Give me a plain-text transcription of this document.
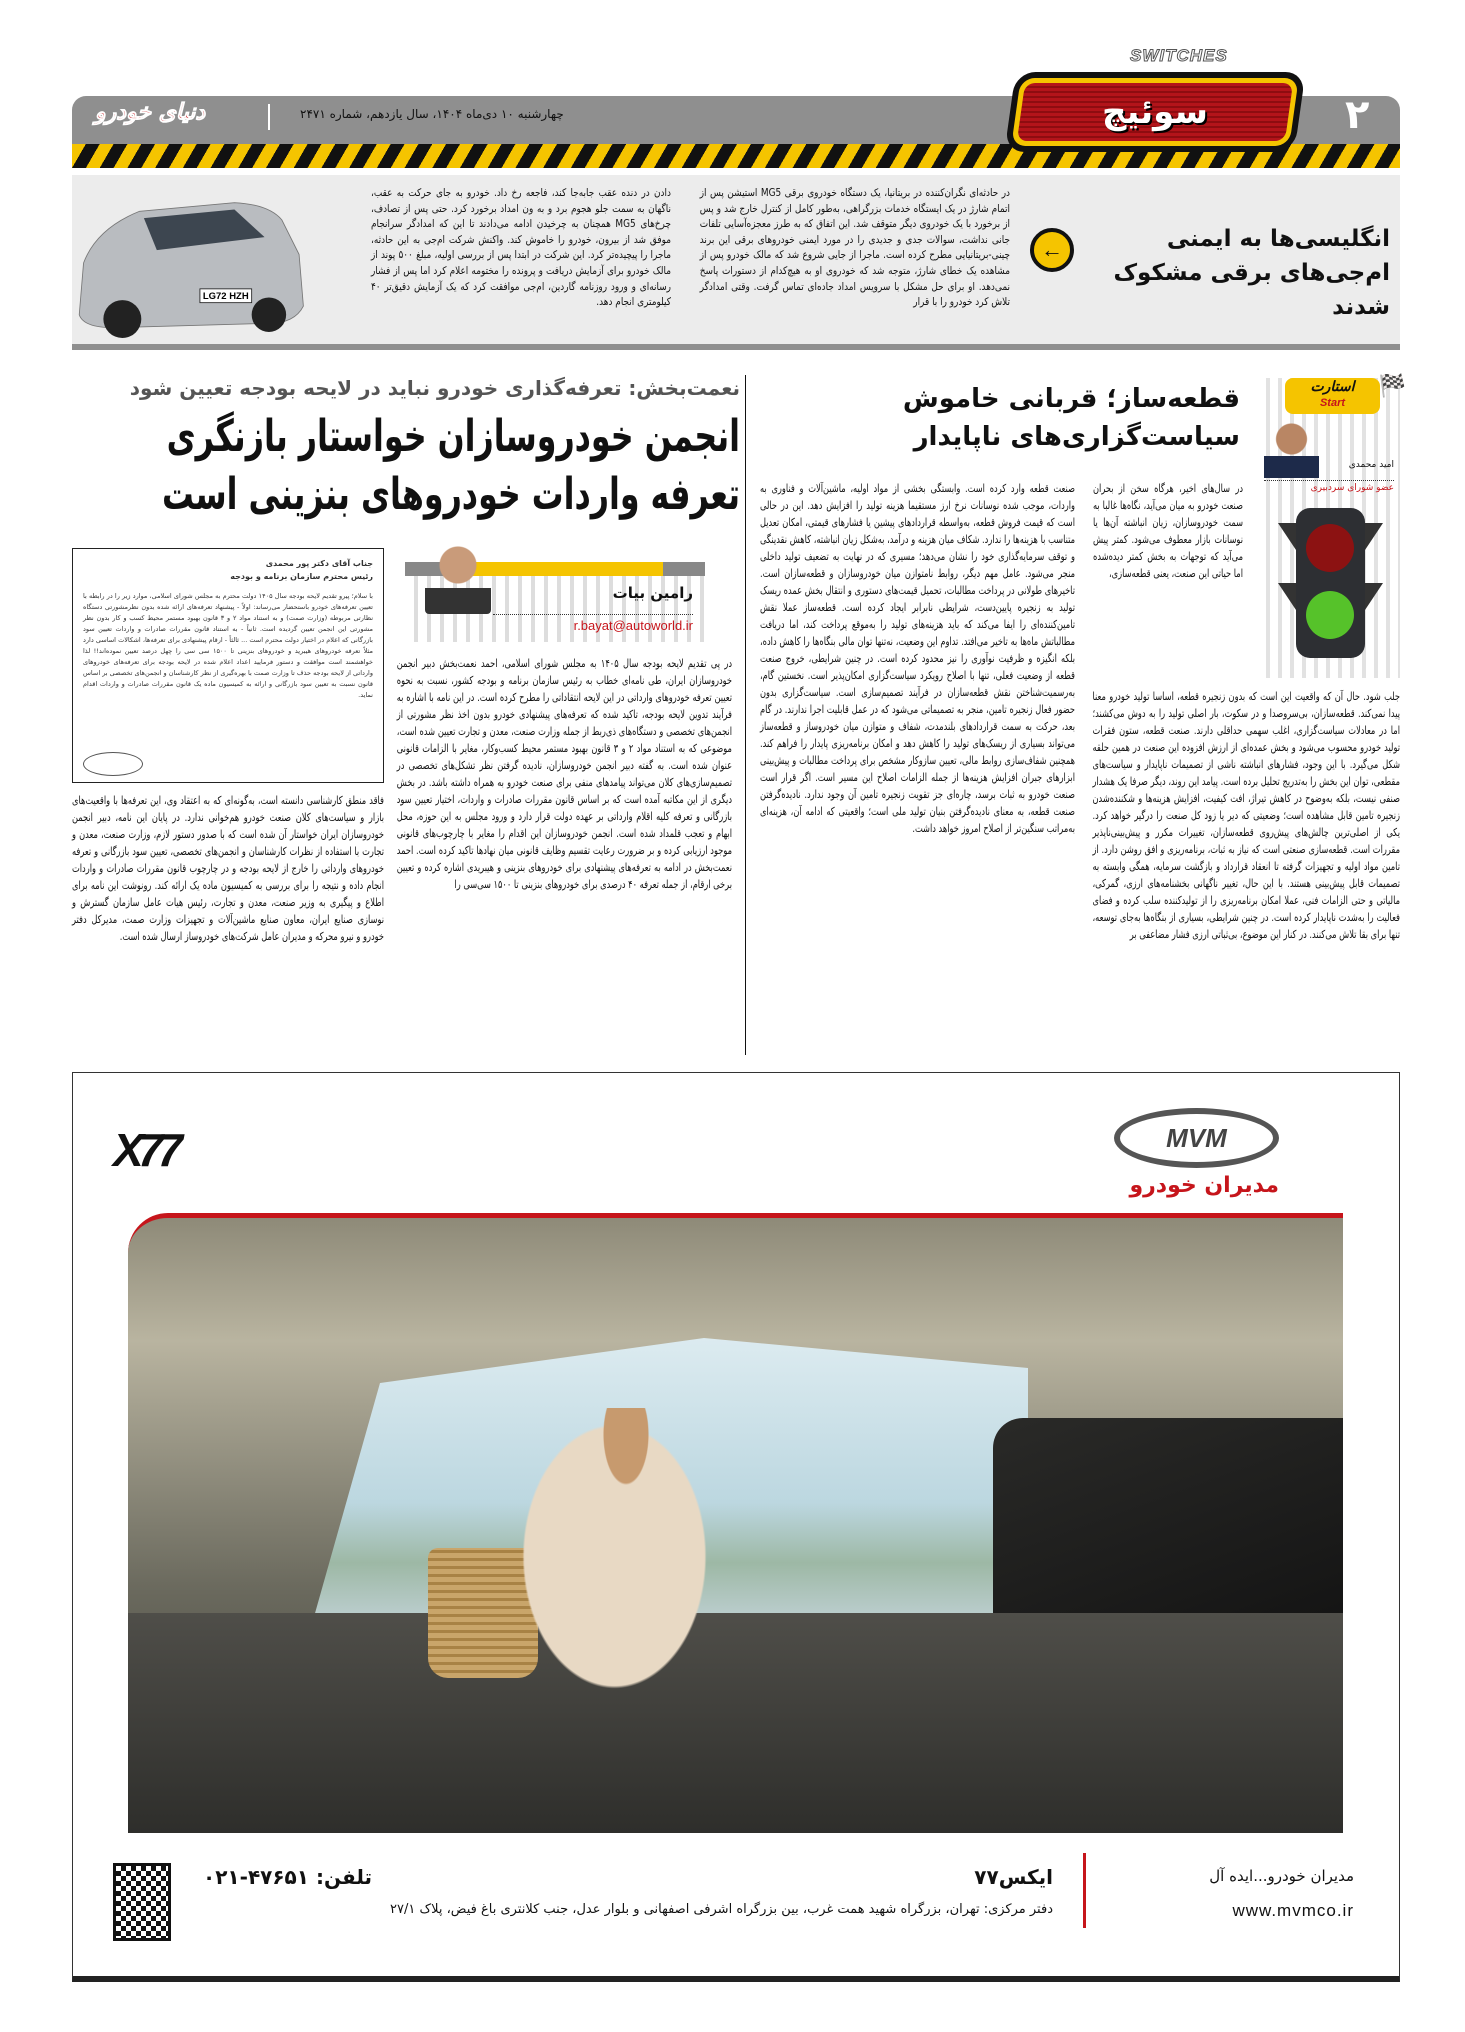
SWITCHES
دنیای خودرو	چهارشنبه ۱۰ دی‌ماه ۱۴۰۴، سال یازدهم، شماره ۲۴۷۱	سوئیچ	۲
LG72 HZH
انگلیسی‌ها به ایمنی ام‌جی‌های برقی مشکوک شدند
←
در حادثه‌ای نگران‌کننده در بریتانیا، یک دستگاه خودروی برقی MG5 استیشن پس از اتمام شارژ در یک ایستگاه خدمات بزرگراهی، به‌طور کامل از کنترل خارج شد و پس از برخورد با یک خودروی دیگر متوقف شد. این اتفاق که به طرز معجزه‌آسایی تلفات جانی نداشت، سوالات جدی و جدیدی را در مورد ایمنی خودروهای برقی این برند چینی-بریتانیایی مطرح کرده است. ماجرا از جایی شروع شد که مالک خودرو پس از مشاهده یک خطای شارژ، متوجه شد که خودروی او به هیچ‌کدام از دستورات پاسخ نمی‌دهد. او برای حل مشکل با سرویس امداد جاده‌ای تماس گرفت. وقتی امدادگر تلاش کرد خودرو را با قرار
دادن در دنده عقب جابه‌جا کند، فاجعه رخ داد. خودرو به جای حرکت به عقب، ناگهان به سمت جلو هجوم برد و به ون امداد برخورد کرد. حتی پس از تصادف، چرخ‌های MG5 همچنان به چرخیدن ادامه می‌دادند تا این که امدادگر سرانجام موفق شد از بیرون، خودرو را خاموش کند. واکنش شرکت ام‌جی به این حادثه، ماجرا را پیچیده‌تر کرد. این شرکت در ابتدا پس از بررسی اولیه، مبلغ ۵۰۰ پوند از مالک خودرو برای آزمایش دریافت و پرونده را مختومه اعلام کرد اما پس از فشار رسانه‌ای و ورود روزنامه گاردین، ام‌جی موافقت کرد که یک آزمایش دقیق‌تر ۴۰ کیلومتری انجام دهد.
نعمت‌بخش: تعرفه‌گذاری خودرو نباید در لایحه بودجه تعیین شود
انجمن خودروسازان خواستار بازنگری تعرفه واردات خودروهای بنزینی است
جناب آقای دکتر پور محمدی
رئیس محترم سازمان برنامه و بودجه
با سلام؛ پیرو تقدیم لایحه بودجه سال ۱۴۰۵ دولت محترم به مجلس شورای اسلامی، موارد زیر را در رابطه با تعیین تعرفه‌های خودرو باستحضار می‌رساند: اولاً - پیشنهاد تعرفه‌های ارائه شده بدون نظرمشورتی دستگاه نظارتی مربوطه (وزارت صمت) و به استناد مواد ۲ و ۳ قانون بهبود مستمر محیط کسب و کار بدون نظر مشورتی این انجمن تعیین گردیده است. ثانیاً - به استناد قانون مقررات صادرات و واردات تعیین سود بازرگانی که اعلام در اختیار دولت محترم است ... ثالثاً - ارقام پیشنهادی برای تعرفه‌ها، اشکالات اساسی دارد مثلاً تعرفه خودروهای هیبرید و خودروهای بنزینی تا ۱۵۰۰ سی سی را چهل درصد تعیین نموده‌اند!! لذا خواهشمند است موافقت و دستور فرمایید اعداد اعلام شده در لایحه بودجه برای تعرفه‌های خودروهای وارداتی از لایحه بودجه حذف تا وزارت صمت با بهره‌گیری از نظر کارشناسان و انجمن‌های تخصصی بر اساس قانون نسبت به تعیین سود بازرگانی و ارائه به کمیسیون ماده یک قانون مقررات صادرات و واردات اقدام نماید.
رامین بیات
r.bayat@autoworld.ir
در پی تقدیم لایحه بودجه سال ۱۴۰۵ به مجلس شورای اسلامی، احمد نعمت‌بخش دبیر انجمن خودروسازان ایران، طی نامه‌ای خطاب به رئیس سازمان برنامه و بودجه کشور، نسبت به نحوه تعیین تعرفه خودروهای وارداتی در این لایحه انتقاداتی را مطرح کرده است. در این نامه با اشاره به فرآیند تدوین لایحه بودجه، تاکید شده که تعرفه‌های پیشنهادی خودرو بدون اخذ نظر مشورتی از انجمن‌های تخصصی و دستگاه‌های ذی‌ربط از جمله وزارت صنعت، معدن و تجارت تعیین شده است، موضوعی که به استناد مواد ۲ و ۳ قانون بهبود مستمر محیط کسب‌وکار، مغایر با الزامات قانونی عنوان شده است. به گفته دبیر انجمن خودروسازان، نادیده گرفتن نظر تشکل‌های تخصصی در تصمیم‌سازی‌های کلان می‌تواند پیامدهای منفی برای صنعت خودرو به همراه داشته باشد. در بخش دیگری از این مکاتبه آمده است که بر اساس قانون مقررات صادرات و واردات، اختیار تعیین سود بازرگانی و تعرفه کلیه اقلام وارداتی بر عهده دولت قرار دارد و ورود مجلس به این حوزه، محل ابهام و تعجب قلمداد شده است. انجمن خودروسازان این اقدام را مغایر با چارچوب‌های قانونی موجود ارزیابی کرده و بر ضرورت رعایت تقسیم وظایف قانونی میان نهادها تاکید کرده است. احمد نعمت‌بخش در ادامه به تعرفه‌های پیشنهادی برای خودروهای بنزینی و هیبریدی اشاره کرده و تعیین برخی ارقام، از جمله تعرفه ۴۰ درصدی برای خودروهای بنزینی تا ۱۵۰۰ سی‌سی را
فاقد منطق کارشناسی دانسته است، به‌گونه‌ای که به اعتقاد وی، این تعرفه‌ها با واقعیت‌های بازار و سیاست‌های کلان صنعت خودرو هم‌خوانی ندارد. در پایان این نامه، دبیر انجمن خودروسازان ایران خواستار آن شده است که با صدور دستور لازم، وزارت صنعت، معدن و تجارت با استفاده از نظرات کارشناسان و انجمن‌های تخصصی، تعیین سود بازرگانی و تعرفه خودروهای وارداتی را خارج از لایحه بودجه و در چارچوب قانون مقررات صادرات و واردات انجام داده و نتیجه را برای بررسی به کمیسیون ماده یک ارائه کند. رونوشت این نامه برای اطلاع و پیگیری به وزیر صنعت، معدن و تجارت، رئیس هیات عامل سازمان گسترش و نوسازی صنایع ایران، معاون صنایع ماشین‌آلات و تجهیزات وزارت صمت، مدیرکل دفتر خودرو و نیرو محرکه و مدیران عامل شرکت‌های خودروساز ارسال شده است.
استارت
Start
🏁
امید محمدی
عضو شورای سردبیری
قطعه‌ساز؛ قربانی خاموش سیاست‌گزاری‌های ناپایدار
در سال‌های اخیر، هرگاه سخن از بحران صنعت خودرو به میان می‌آید، نگاه‌ها غالبا به سمت خودروسازان، زیان انباشته آن‌ها یا نوسانات بازار معطوف می‌شود. کمتر پیش می‌آید که توجهات به بخش کمتر دیده‌شده اما حیاتی این صنعت، یعنی قطعه‌سازی،
جلب شود. حال آن که واقعیت این است که بدون زنجیره قطعه، اساسا تولید خودرو معنا پیدا نمی‌کند. قطعه‌سازان، بی‌سروصدا و در سکوت، بار اصلی تولید را به دوش می‌کشند؛ اما در معادلات سیاست‌گزاری، اغلب سهمی حداقلی دارند. صنعت قطعه، ستون فقرات تولید خودرو محسوب می‌شود و بخش عمده‌ای از ارزش افزوده این صنعت در همین حلقه شکل می‌گیرد. با این وجود، فشارهای انباشته ناشی از تصمیمات ناپایدار و سیاست‌های مقطعی، توان این بخش را به‌تدریج تحلیل برده است. پیامد این روند، دیگر صرفا یک هشدار صنفی نیست، بلکه به‌وضوح در کاهش تیراژ، افت کیفیت، افزایش هزینه‌ها و شکننده‌شدن زنجیره تامین قابل مشاهده است؛ وضعیتی که دیر یا زود کل صنعت را درگیر خواهد کرد. یکی از اصلی‌ترین چالش‌های پیش‌روی قطعه‌سازان، تغییرات مکرر و پیش‌بینی‌ناپذیر مقررات است. قطعه‌سازی صنعتی است که نیاز به ثبات، برنامه‌ریزی و افق روشن دارد. از تامین مواد اولیه و تجهیزات گرفته تا انعقاد قرارداد و بازگشت سرمایه، همگی وابسته به تصمیمات قابل پیش‌بینی هستند. با این حال، تغییر ناگهانی بخشنامه‌های ارزی، گمرکی، مالیاتی و حتی الزامات فنی، عملا امکان برنامه‌ریزی را از تولیدکننده سلب کرده و فضای فعالیت را به‌شدت ناپایدار کرده است. در چنین شرایطی، بسیاری از بنگاه‌ها به‌جای توسعه، تنها برای بقا تلاش می‌کنند. در کنار این موضوع، بی‌ثباتی ارزی فشار مضاعفی بر
صنعت قطعه وارد کرده است. وابستگی بخشی از مواد اولیه، ماشین‌آلات و فناوری به واردات، موجب شده نوسانات نرخ ارز مستقیما هزینه تولید را افزایش دهد. این در حالی است که قیمت فروش قطعه، به‌واسطه قراردادهای پیشین یا فشارهای قیمتی، امکان تعدیل متناسب با هزینه‌ها را ندارد. شکاف میان هزینه و درآمد، به‌شکل زیان انباشته، کاهش نقدینگی و توقف سرمایه‌گذاری خود را نشان می‌دهد؛ مسیری که در نهایت به تضعیف تولید داخلی منجر می‌شود. عامل مهم دیگر، روابط نامتوازن میان خودروسازان و قطعه‌سازان است. تاخیرهای طولانی در پرداخت مطالبات، تحمیل قیمت‌های دستوری و انتقال بخش عمده ریسک تولید به زنجیره پایین‌دست، شرایطی نابرابر ایجاد کرده است. قطعه‌ساز عملا نقش تامین‌کننده‌ای را ایفا می‌کند که باید هزینه‌های تولید را به‌موقع پرداخت کند، اما دریافت مطالباتش ماه‌ها به تاخیر می‌افتد. تداوم این وضعیت، نه‌تنها توان مالی بنگاه‌ها را کاهش داده، بلکه انگیزه و ظرفیت نوآوری را نیز محدود کرده است. در چنین شرایطی، خروج صنعت قطعه از وضعیت فعلی، تنها با اصلاح رویکرد سیاست‌گزاری امکان‌پذیر است. نخستین گام، به‌رسمیت‌شناختن نقش قطعه‌سازان در فرآیند تصمیم‌سازی است. سیاست‌گزاری بدون حضور فعال زنجیره تامین، منجر به تصمیماتی می‌شود که در عمل قابلیت اجرا ندارند. در گام بعد، حرکت به سمت قراردادهای بلندمدت، شفاف و متوازن میان خودروساز و قطعه‌ساز می‌تواند بسیاری از ریسک‌های تولید را کاهش دهد و امکان برنامه‌ریزی پایدار را فراهم کند. همچنین شفاف‌سازی روابط مالی، تعیین سازوکار مشخص برای پرداخت مطالبات و پیش‌بینی ابزارهای جبران افزایش هزینه‌ها از جمله الزامات اصلاح این مسیر است. اگر قرار است صنعت خودرو به ثبات برسد، چاره‌ای جز تقویت زنجیره تامین آن وجود ندارد. نادیده‌گرفتن صنعت قطعه، به معنای نادیده‌گرفتن بنیان تولید ملی است؛ واقعیتی که ادامه آن، هزینه‌ای به‌مراتب سنگین‌تر از اصلاح امروز خواهد داشت.
MVM
مدیران خودرو
X77
تلفن: ۴۷۶۵۱-۰۲۱	ایکس۷۷
دفتر مرکزی: تهران، بزرگراه شهید همت غرب، بین بزرگراه اشرفی اصفهانی و بلوار عدل، جنب کلانتری باغ فیض، پلاک ۲۷/۱
مدیران خودرو...ایده آل
www.mvmco.ir
